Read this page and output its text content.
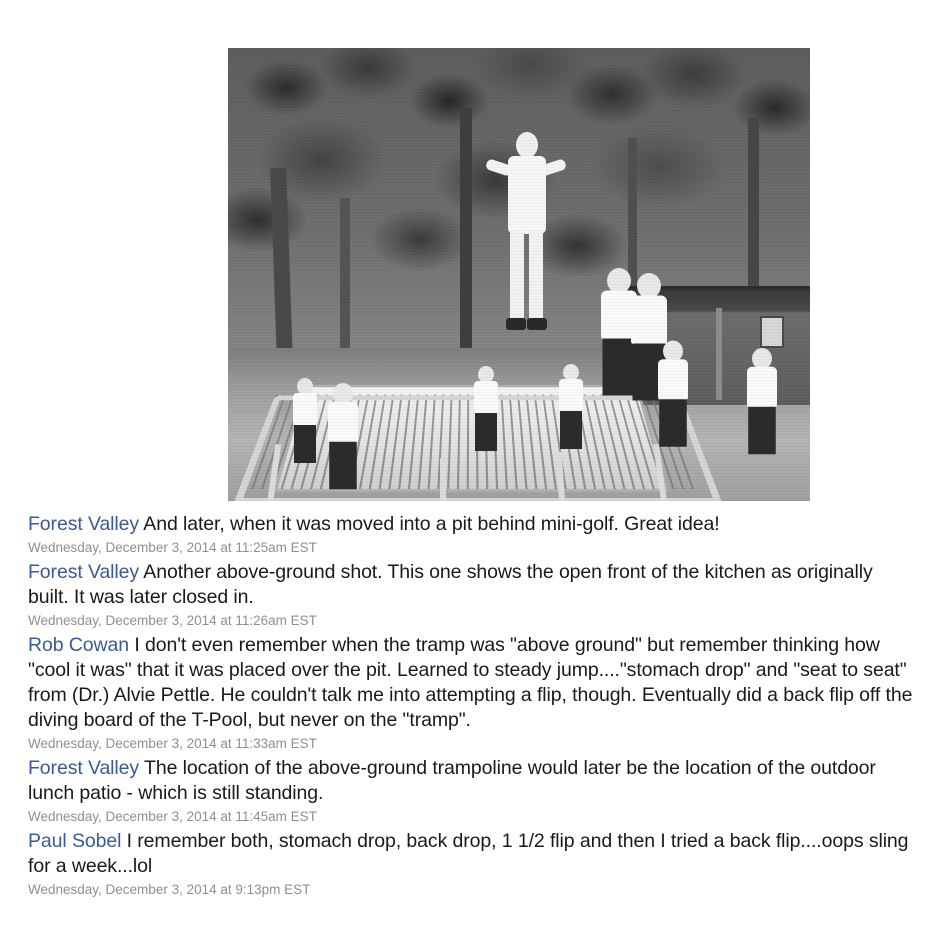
Forest Valley And later, when it was moved into a pit behind mini-golf. Great idea!
Wednesday, December 3, 2014 at 11:25am EST
Forest Valley Another above-ground shot. This one shows the open front of the kitchen as originally built. It was later closed in.
Wednesday, December 3, 2014 at 11:26am EST
Rob Cowan I don't even remember when the tramp was "above ground" but remember thinking how "cool it was" that it was placed over the pit. Learned to steady jump...."stomach drop" and "seat to seat" from (Dr.) Alvie Pettle. He couldn't talk me into attempting a flip, though. Eventually did a back flip off the diving board of the T-Pool, but never on the "tramp".
Wednesday, December 3, 2014 at 11:33am EST
Forest Valley The location of the above-ground trampoline would later be the location of the outdoor lunch patio - which is still standing.
Wednesday, December 3, 2014 at 11:45am EST
Paul Sobel I remember both, stomach drop, back drop, 1 1/2 flip and then I tried a back flip....oops sling for a week...lol
Wednesday, December 3, 2014 at 9:13pm EST
